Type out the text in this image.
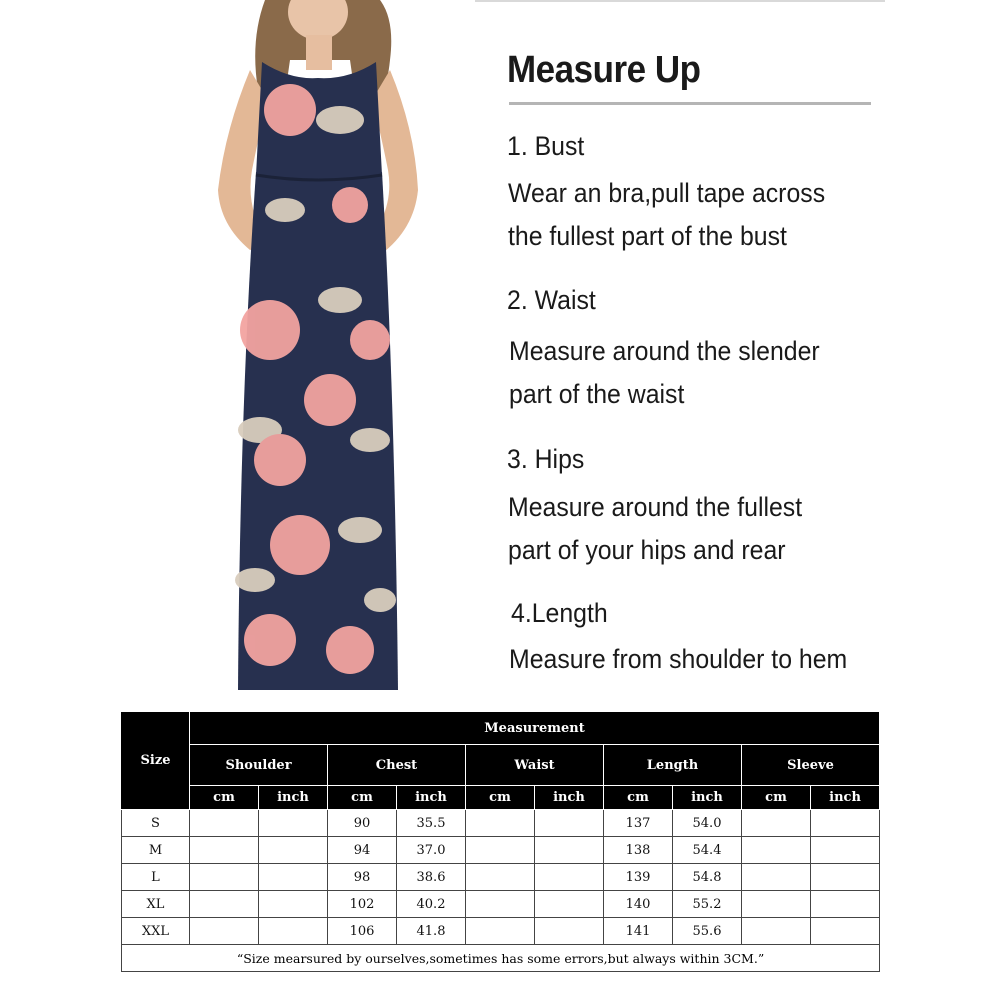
Measure Up

1. Bust

Wear an bra,pull tape across

the fullest part of the bust

2. Waist

Measure around the slender

part of the waist

3. Hips

Measure around the fullest

part of your hips and rear

4.Length

Measure from shoulder to hem

Size	Measurement									
	Shoulder		Chest		Waist		Length		Sleeve	
	cm	inch	cm	inch	cm	inch	cm	inch	cm	inch
S			90	35.5			137	54.0		
M			94	37.0			138	54.4		
L			98	38.6			139	54.8		
XL			102	40.2			140	55.2		
XXL			106	41.8			141	55.6		
“Size mearsured by ourselves,sometimes has some errors,but always within 3CM.”										
